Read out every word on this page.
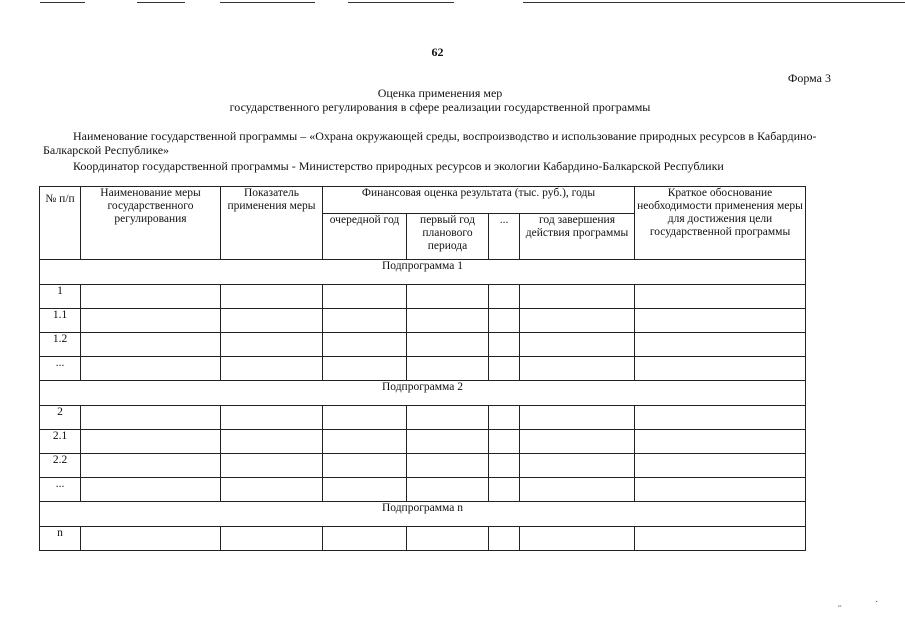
62
Форма 3
Оценка применения мер
государственного регулирования в сфере реализации государственной программы
Наименование государственной программы – «Охрана окружающей среды, воспроизводство и использование природных ресурсов в Кабардино-Балкарской Республике»
Координатор государственной программы - Министерство природных ресурсов и экологии Кабардино-Балкарской Республики
№ п/п	Наименование меры государственного регулирования	Показатель применения меры	Финансовая оценка результата (тыс. руб.), годы				Краткое обоснование необходимости применения меры для достижения цели государственной программы
			очередной год	первый год планового периода	...	год завершения действия программы	
Подпрограмма 1							
1							
1.1							
1.2							
...							
Подпрограмма 2							
2							
2.1							
2.2							
...							
Подпрограмма n							
n							
˶	˙
